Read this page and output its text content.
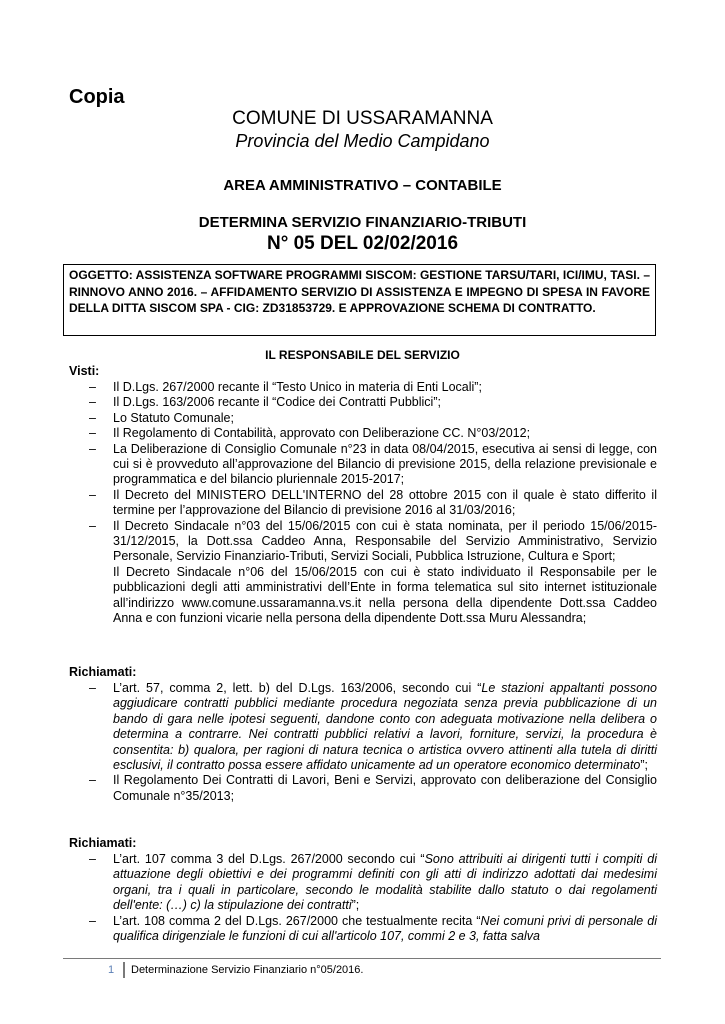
Copia
COMUNE DI USSARAMANNA
Provincia del Medio Campidano
AREA AMMINISTRATIVO – CONTABILE
DETERMINA SERVIZIO FINANZIARIO-TRIBUTI
N° 05 DEL 02/02/2016
OGGETTO: ASSISTENZA SOFTWARE PROGRAMMI SISCOM: GESTIONE TARSU/TARI, ICI/IMU, TASI. – RINNOVO ANNO 2016. – AFFIDAMENTO SERVIZIO DI ASSISTENZA E IMPEGNO DI SPESA IN FAVORE DELLA DITTA SISCOM SPA - CIG: ZD31853729. E APPROVAZIONE SCHEMA DI CONTRATTO.
IL RESPONSABILE DEL SERVIZIO
Visti:
– Il D.Lgs. 267/2000 recante il “Testo Unico in materia di Enti Locali”;
– Il D.Lgs. 163/2006 recante il “Codice dei Contratti Pubblici”;
– Lo Statuto Comunale;
– Il Regolamento di Contabilità, approvato con Deliberazione CC. N°03/2012;
– La Deliberazione di Consiglio Comunale n°23 in data 08/04/2015, esecutiva ai sensi di legge, con cui si è provveduto all’approvazione del Bilancio di previsione 2015, della relazione previsionale e programmatica e del bilancio pluriennale 2015-2017;
– Il Decreto del MINISTERO DELL'INTERNO del 28 ottobre 2015 con il quale è stato differito il termine per l’approvazione del Bilancio di previsione 2016 al 31/03/2016;
– Il Decreto Sindacale n°03 del 15/06/2015 con cui è stata nominata, per il periodo 15/06/2015-31/12/2015, la Dott.ssa Caddeo Anna, Responsabile del Servizio Amministrativo, Servizio Personale, Servizio Finanziario-Tributi, Servizi Sociali, Pubblica Istruzione, Cultura e Sport;
Il Decreto Sindacale n°06 del 15/06/2015 con cui è stato individuato il Responsabile per le pubblicazioni degli atti amministrativi dell’Ente in forma telematica sul sito internet istituzionale all’indirizzo www.comune.ussaramanna.vs.it nella persona della dipendente Dott.ssa Caddeo Anna e con funzioni vicarie nella persona della dipendente Dott.ssa Muru Alessandra;
Richiamati:
– L’art. 57, comma 2, lett. b) del D.Lgs. 163/2006, secondo cui “Le stazioni appaltanti possono aggiudicare contratti pubblici mediante procedura negoziata senza previa pubblicazione di un bando di gara nelle ipotesi seguenti, dandone conto con adeguata motivazione nella delibera o determina a contrarre. Nei contratti pubblici relativi a lavori, forniture, servizi, la procedura è consentita: b) qualora, per ragioni di natura tecnica o artistica ovvero attinenti alla tutela di diritti esclusivi, il contratto possa essere affidato unicamente ad un operatore economico determinato”;
– Il Regolamento Dei Contratti di Lavori, Beni e Servizi, approvato con deliberazione del Consiglio Comunale n°35/2013;
Richiamati:
– L’art. 107 comma 3 del D.Lgs. 267/2000 secondo cui “Sono attribuiti ai dirigenti tutti i compiti di attuazione degli obiettivi e dei programmi definiti con gli atti di indirizzo adottati dai medesimi organi, tra i quali in particolare, secondo le modalità stabilite dallo statuto o dai regolamenti dell'ente: (…) c) la stipulazione dei contratti”;
– L’art. 108 comma 2 del D.Lgs. 267/2000 che testualmente recita “Nei comuni privi di personale di qualifica dirigenziale le funzioni di cui all'articolo 107, commi 2 e 3, fatta salva
1 Determinazione Servizio Finanziario n°05/2016.
